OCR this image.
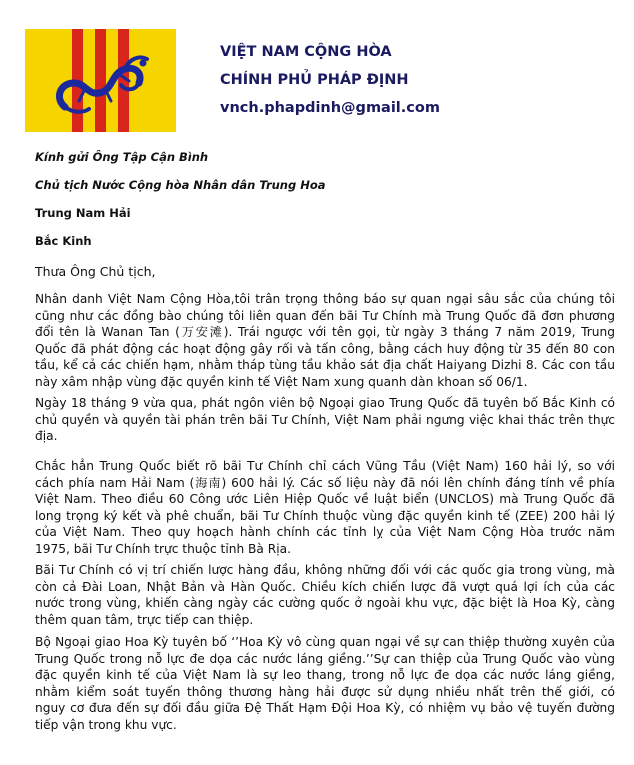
VIỆT NAM CỘNG HÒA
CHÍNH PHỦ PHÁP ĐỊNH
vnch.phapdinh@gmail.com
Kính gửi Ông Tập Cận Bình
Chủ tịch Nước Cộng hòa Nhân dân Trung Hoa
Trung Nam Hải
Bắc Kinh
Thưa Ông Chủ tịch,
Nhân danh Việt Nam Cộng Hòa,tôi trân trọng thông báo sự quan ngại sâu sắc của chúng tôi
cũng như các đồng bào chúng tôi liên quan đến bãi Tư Chính mà Trung Quốc đã đơn phương
đổi tên là Wanan Tan (万安滩). Trái ngược với tên gọi, từ ngày 3 tháng 7 năm 2019, Trung
Quốc đã phát động các hoạt động gây rối và tấn công, bằng cách huy động từ 35 đến 80 con
tầu, kể cả các chiến hạm, nhằm tháp tùng tầu khảo sát địa chất Haiyang Dizhi 8. Các con tầu
này xâm nhập vùng đặc quyền kinh tế Việt Nam xung quanh dàn khoan số 06/1.
Ngày 18 tháng 9 vừa qua, phát ngôn viên bộ Ngoại giao Trung Quốc đã tuyên bố Bắc Kinh có
chủ quyền và quyền tài phán trên bãi Tư Chính, Việt Nam phải ngưng việc khai thác trên thực
địa.
Chắc hẳn Trung Quốc biết rõ bãi Tư Chính chỉ cách Vũng Tầu (Việt Nam) 160 hải lý, so với
cách phía nam Hải Nam (海南) 600 hải lý. Các số liệu này đã nói lên chính đáng tính về phía
Việt Nam. Theo điều 60 Công ước Liên Hiệp Quốc về luật biển (UNCLOS) mà Trung Quốc đã
long trọng ký kết và phê chuẩn, bãi Tư Chính thuộc vùng đặc quyền kinh tế (ZEE) 200 hải lý
của Việt Nam. Theo quy hoạch hành chính các tỉnh lỵ của Việt Nam Cộng Hòa trước năm
1975, bãi Tư Chính trực thuộc tỉnh Bà Rịa.
Bãi Tư Chính có vị trí chiến lược hàng đầu, không những đối với các quốc gia trong vùng, mà
còn cả Đài Loan, Nhật Bản và Hàn Quốc. Chiều kích chiến lược đã vượt quá lợi ích của các
nước trong vùng, khiến càng ngày các cường quốc ở ngoài khu vực, đặc biệt là Hoa Kỳ, càng
thêm quan tâm, trực tiếp can thiệp.
Bộ Ngoại giao Hoa Kỳ tuyên bố ‘’Hoa Kỳ vô cùng quan ngại về sự can thiệp thường xuyên của
Trung Quốc trong nỗ lực đe dọa các nước láng giềng.’’Sự can thiệp của Trung Quốc vào vùng
đặc quyền kinh tế của Việt Nam là sự leo thang, trong nỗ lực đe dọa các nước láng giềng,
nhằm kiểm soát tuyến thông thương hàng hải được sử dụng nhiều nhất trên thế giới, có
nguy cơ đưa đến sự đối đầu giữa Đệ Thất Hạm Đội Hoa Kỳ, có nhiệm vụ bảo vệ tuyến đường
tiếp vận trong khu vực.
